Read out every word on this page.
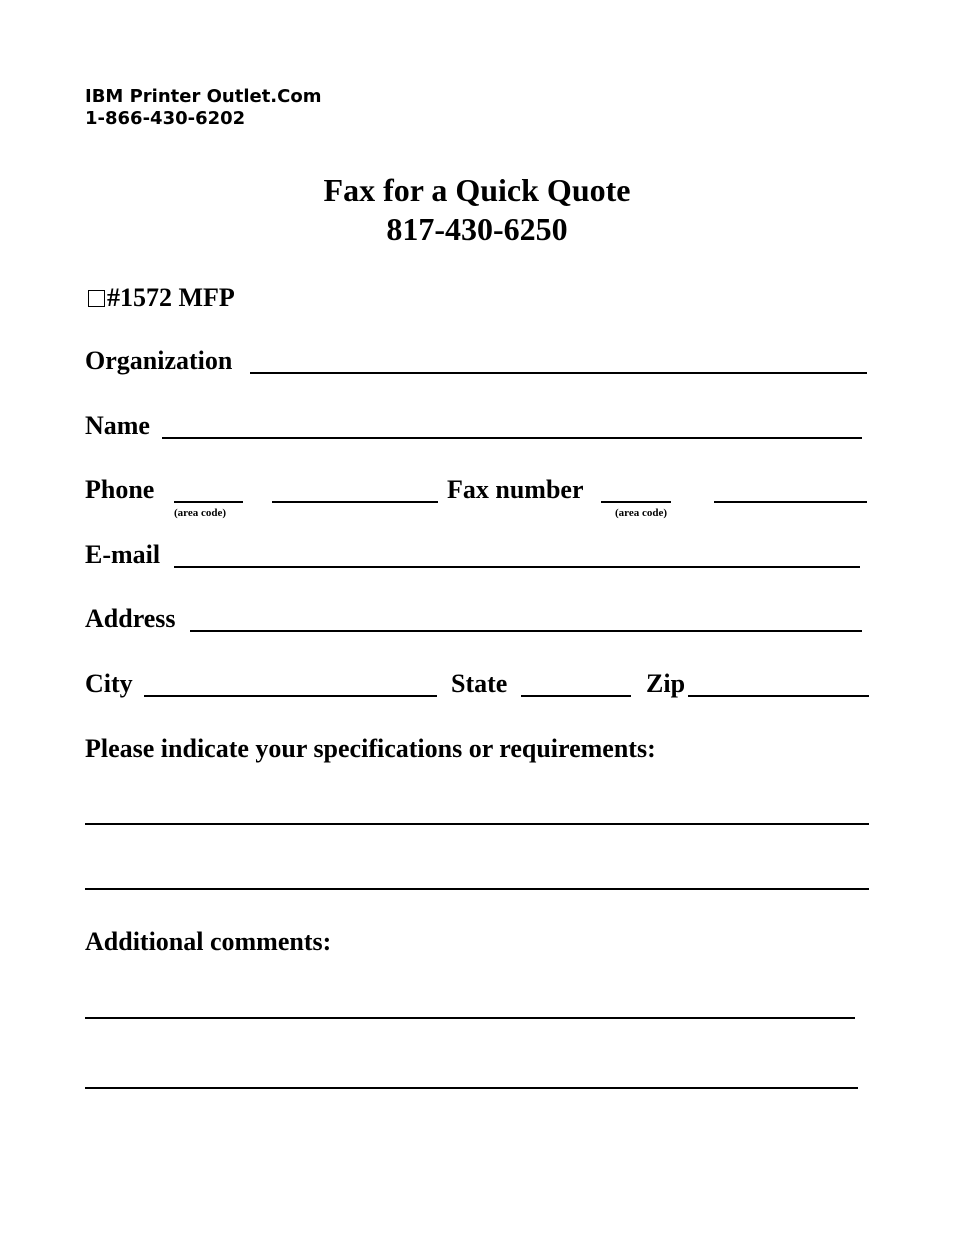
IBM Printer Outlet.Com
1-866-430-6202
Fax for a Quick Quote
817-430-6250
#1572 MFP
Organization
Name
Phone
(area code)
Fax number
(area code)
E-mail
Address
City	State	Zip
Please indicate your specifications or requirements:
Additional comments:
